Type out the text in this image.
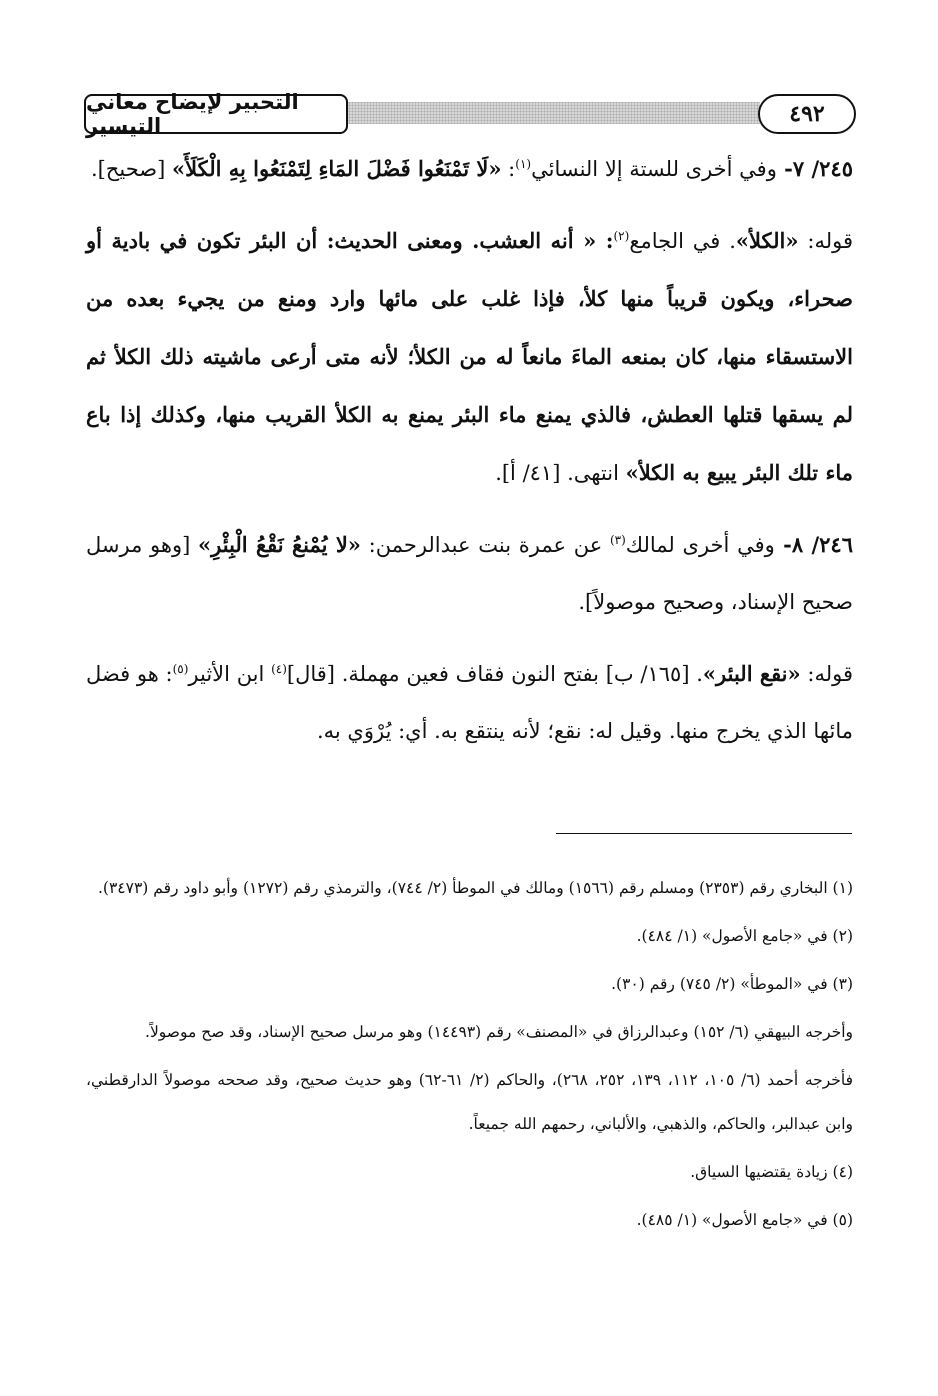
التحبير لإيضاح معاني التيسير	٤٩٢

٢٤٥/ ٧- وفي أخرى للستة إلا النسائي$^{(١)}$: «لَا تَمْنَعُوا فَضْلَ المَاءِ لِتَمْنَعُوا بِهِ الْكَلَأَ» [صحيح].

قوله: «الكلأ». في الجامع$^{(٢)}$: « أنه العشب. ومعنى الحديث: أن البئر تكون في بادية أو صحراء، ويكون قريباً منها كلأ، فإذا غلب على مائها وارد ومنع من يجيء بعده من الاستسقاء منها، كان بمنعه الماءَ مانعاً له من الكلأ؛ لأنه متى أرعى ماشيته ذلك الكلأ ثم لم يسقها قتلها العطش، فالذي يمنع ماء البئر يمنع به الكلأ القريب منها، وكذلك إذا باع ماء تلك البئر يبيع به الكلأ» انتهى. [٤١/ أ].

٢٤٦/ ٨- وفي أخرى لمالك$^{(٣)}$ عن عمرة بنت عبدالرحمن: «لا يُمْنعُ نَقْعُ الْبِئْرِ» [وهو مرسل صحيح الإسناد، وصحيح موصولاً].

قوله: «نقع البئر». [١٦٥/ ب] بفتح النون فقاف فعين مهملة. [قال]$^{(٤)}$ ابن الأثير$^{(٥)}$: هو فضل مائها الذي يخرج منها. وقيل له: نقع؛ لأنه ينتقع به. أي: يُرْوَي به.

(١) البخاري رقم (٢٣٥٣) ومسلم رقم (١٥٦٦) ومالك في الموطأ (٢/ ٧٤٤)، والترمذي رقم (١٢٧٢) وأبو داود رقم (٣٤٧٣).

(٢) في «جامع الأصول» (١/ ٤٨٤).

(٣) في «الموطأ» (٢/ ٧٤٥) رقم (٣٠).

وأخرجه البيهقي (٦/ ١٥٢) وعبدالرزاق في «المصنف» رقم (١٤٤٩٣) وهو مرسل صحيح الإسناد، وقد صح موصولاً.

فأخرجه أحمد (٦/ ١٠٥، ١١٢، ١٣٩، ٢٥٢، ٢٦٨)، والحاكم (٢/ ٦١-٦٢) وهو حديث صحيح، وقد صححه موصولاً الدارقطني، وابن عبدالبر، والحاكم، والذهبي، والألباني، رحمهم الله جميعاً.

(٤) زيادة يقتضيها السياق.

(٥) في «جامع الأصول» (١/ ٤٨٥).
